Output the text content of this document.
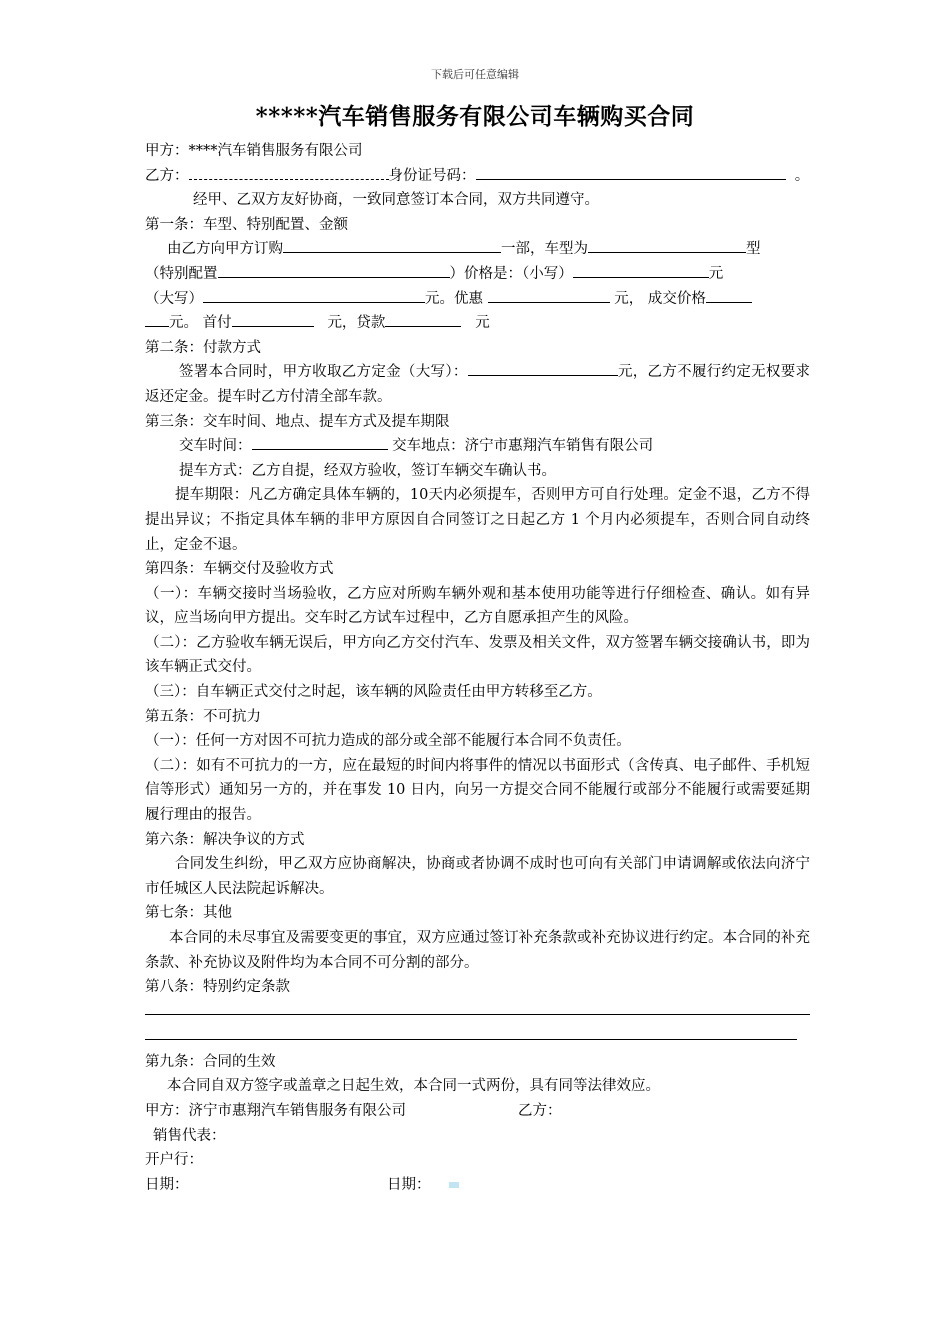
下载后可任意编辑
*****汽车销售服务有限公司车辆购买合同

甲方：****汽车销售服务有限公司

乙方：	身份证号码：	。

经甲、乙双方友好协商，一致同意签订本合同，双方共同遵守。

第一条：车型、特别配置、金额

由乙方向甲方订购	一部，车型为	型

（特别配置	）价格是：（小写）	元

（大写）	元。优惠	元， 成交价格

元。 首付	元，贷款	元

第二条：付款方式

签署本合同时，甲方收取乙方定金（大写）：	元，乙方不履行约定无权要求返还定金。提车时乙方付清全部车款。

第三条：交车时间、地点、提车方式及提车期限

交车时间：	交车地点：济宁市惠翔汽车销售有限公司

提车方式：乙方自提，经双方验收，签订车辆交车确认书。

提车期限：凡乙方确定具体车辆的，10天内必须提车，否则甲方可自行处理。定金不退，乙方不得提出异议；不指定具体车辆的非甲方原因自合同签订之日起乙方 1 个月内必须提车，否则合同自动终止，定金不退。

第四条：车辆交付及验收方式

（一）：车辆交接时当场验收，乙方应对所购车辆外观和基本使用功能等进行仔细检查、确认。如有异议，应当场向甲方提出。交车时乙方试车过程中，乙方自愿承担产生的风险。

（二）：乙方验收车辆无误后，甲方向乙方交付汽车、发票及相关文件，双方签署车辆交接确认书，即为该车辆正式交付。

（三）：自车辆正式交付之时起，该车辆的风险责任由甲方转移至乙方。

第五条：不可抗力

（一）：任何一方对因不可抗力造成的部分或全部不能履行本合同不负责任。

（二）：如有不可抗力的一方，应在最短的时间内将事件的情况以书面形式（含传真、电子邮件、手机短信等形式）通知另一方的，并在事发 10 日内，向另一方提交合同不能履行或部分不能履行或需要延期履行理由的报告。

第六条：解决争议的方式

合同发生纠纷，甲乙双方应协商解决，协商或者协调不成时也可向有关部门申请调解或依法向济宁市任城区人民法院起诉解决。

第七条：其他

本合同的未尽事宜及需要变更的事宜，双方应通过签订补充条款或补充协议进行约定。本合同的补充条款、补充协议及附件均为本合同不可分割的部分。

第八条：特别约定条款

第九条：合同的生效

本合同自双方签字或盖章之日起生效，本合同一式两份，具有同等法律效应。

甲方：济宁市惠翔汽车销售服务有限公司	乙方：

销售代表：

开户行：

日期：	日期：
